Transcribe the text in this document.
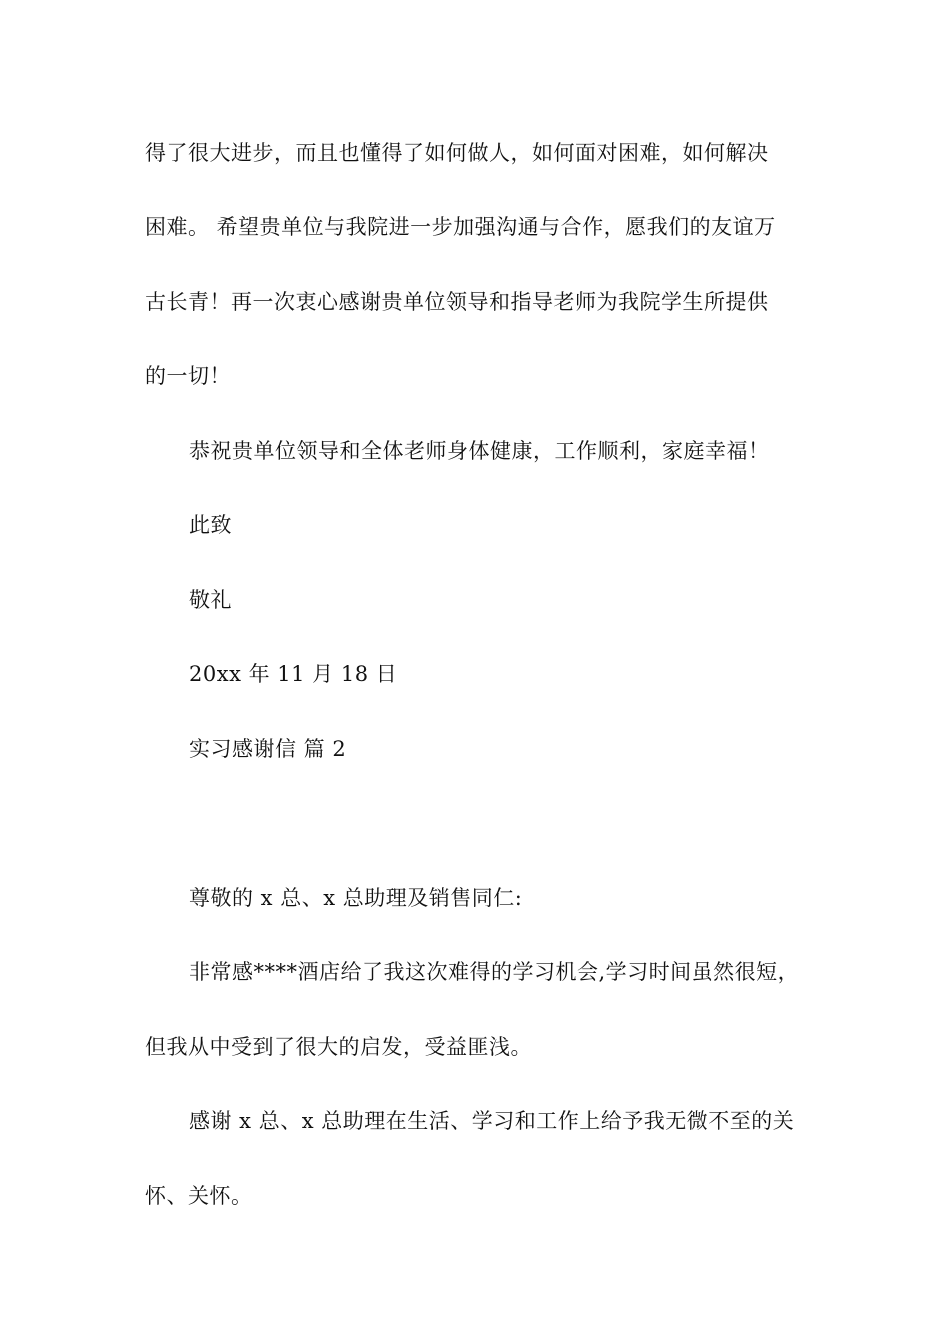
得了很大进步，而且也懂得了如何做人，如何面对困难，如何解决
困难。 希望贵单位与我院进一步加强沟通与合作，愿我们的友谊万
古长青！再一次衷心感谢贵单位领导和指导老师为我院学生所提供
的一切！
恭祝贵单位领导和全体老师身体健康，工作顺利，家庭幸福！
此致
敬礼
20xx 年 11 月 18 日
实习感谢信 篇 2
尊敬的 x 总、x 总助理及销售同仁:
非常感****酒店给了我这次难得的学习机会,学习时间虽然很短，
但我从中受到了很大的启发，受益匪浅。
感谢 x 总、x 总助理在生活、学习和工作上给予我无微不至的关
怀、关怀。
